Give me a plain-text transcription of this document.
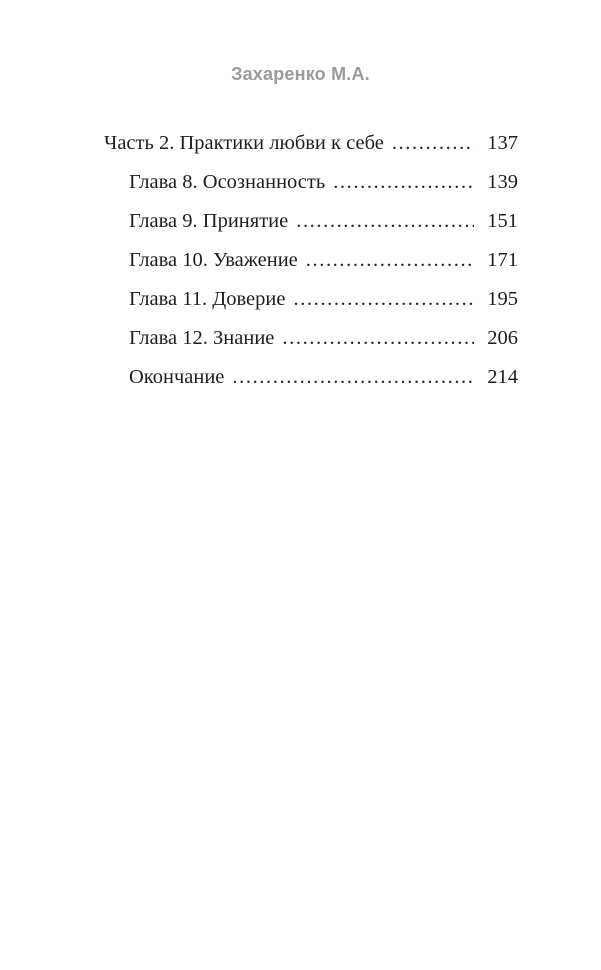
Захаренко М.А.
Часть 2. Практики любви к себе .....	137
Глава 8. Осознанность .....	139
Глава 9. Принятие .....	151
Глава 10. Уважение .....	171
Глава 11. Доверие .....	195
Глава 12. Знание .....	206
Окончание .....	214
